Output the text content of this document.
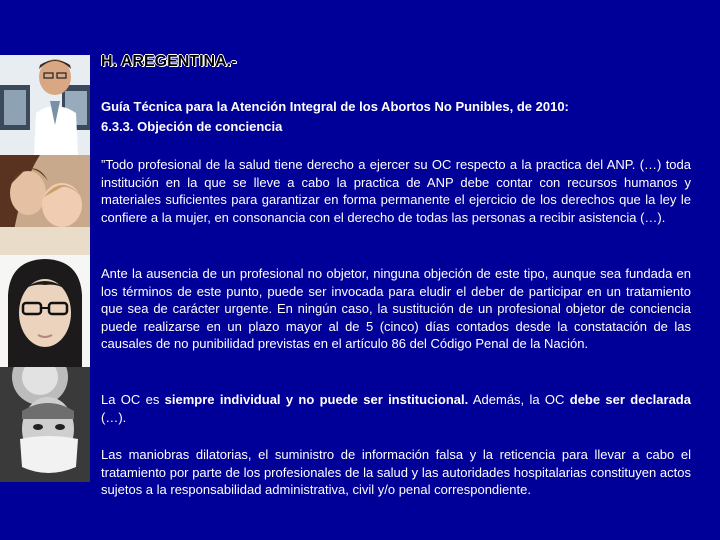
H. AREGENTINA.-
Guía Técnica para la Atención Integral de los Abortos No Punibles, de 2010:
6.3.3. Objeción de conciencia

”Todo profesional de la salud tiene derecho a ejercer su OC respecto a la practica del ANP. (…) toda institución en la que se lleve a cabo la practica de ANP debe contar con recursos humanos y materiales suficientes para garantizar en forma permanente el ejercicio de los derechos que la ley le confiere a la mujer, en consonancia con el derecho de todas las personas a recibir asistencia (…).

Ante la ausencia de un profesional no objetor, ninguna objeción de este tipo, aunque sea fundada en los términos de este punto, puede ser invocada para eludir el deber de participar en un tratamiento que sea de carácter urgente. En ningún caso, la sustitución de un profesional objetor de conciencia puede realizarse en un plazo mayor al de 5 (cinco) días contados desde la constatación de las causales de no punibilidad previstas en el artículo 86 del Código Penal de la Nación.

La OC es siempre individual y no puede ser institucional. Además, la OC debe ser declarada (…).

Las maniobras dilatorias, el suministro de información falsa y la reticencia para llevar a cabo el tratamiento por parte de los profesionales de la salud y las autoridades hospitalarias constituyen actos sujetos a la responsabilidad administrativa, civil y/o penal correspondiente.
